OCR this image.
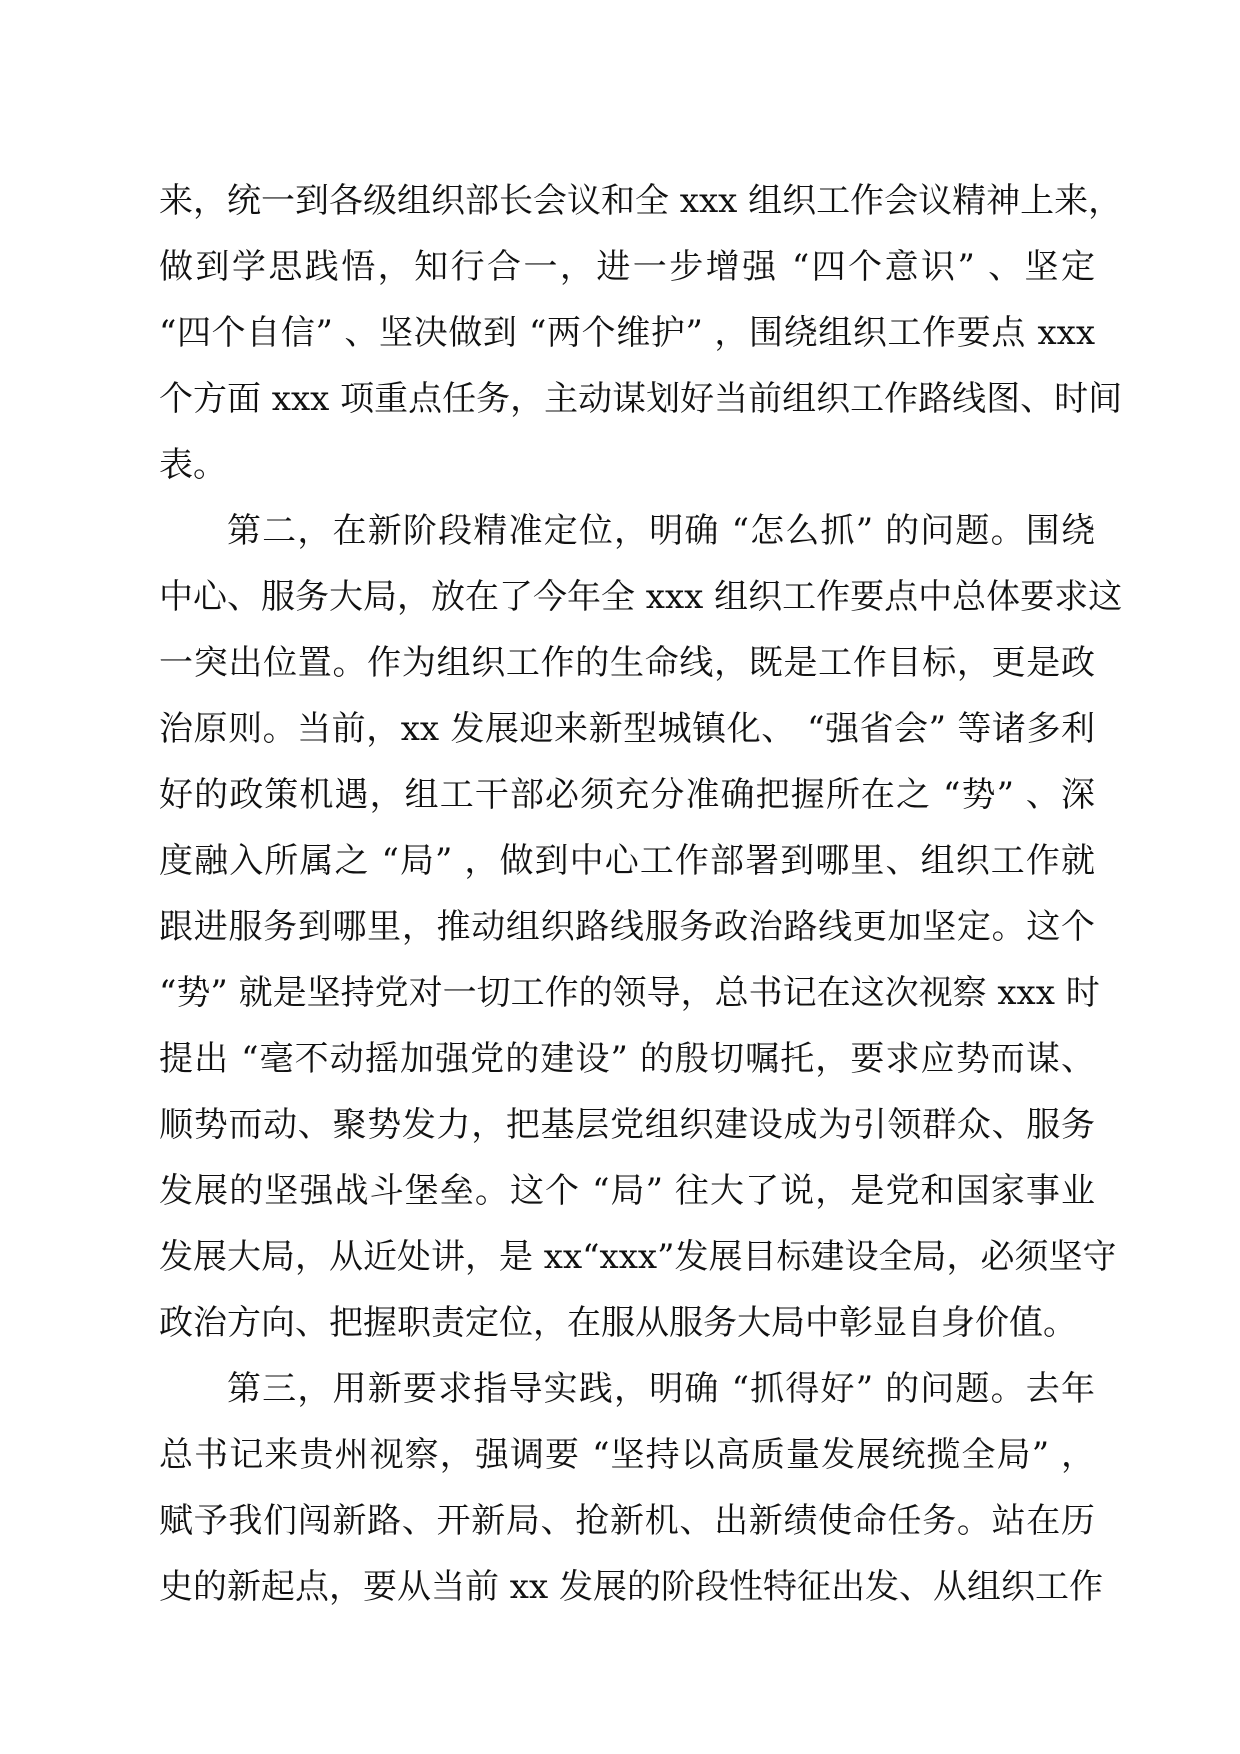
来，统一到各级组织部长会议和全 xxx 组织工作会议精神上来，
做到学思践悟，知行合一，进一步增强 “四个意识” 、坚定
“四个自信” 、坚决做到 “两个维护” ，围绕组织工作要点 xxx
个方面 xxx 项重点任务，主动谋划好当前组织工作路线图、时间
表。
第二，在新阶段精准定位，明确 “怎么抓” 的问题。围绕
中心、服务大局，放在了今年全 xxx 组织工作要点中总体要求这
一突出位置。作为组织工作的生命线，既是工作目标，更是政
治原则。当前，xx 发展迎来新型城镇化、 “强省会” 等诸多利
好的政策机遇，组工干部必须充分准确把握所在之 “势” 、深
度融入所属之 “局” ，做到中心工作部署到哪里、组织工作就
跟进服务到哪里，推动组织路线服务政治路线更加坚定。这个
“势” 就是坚持党对一切工作的领导，总书记在这次视察 xxx 时
提出 “毫不动摇加强党的建设” 的殷切嘱托，要求应势而谋、
顺势而动、聚势发力，把基层党组织建设成为引领群众、服务
发展的坚强战斗堡垒。这个 “局” 往大了说，是党和国家事业
发展大局，从近处讲，是 xx“xxx”发展目标建设全局，必须坚守
政治方向、把握职责定位，在服从服务大局中彰显自身价值。
第三，用新要求指导实践，明确 “抓得好” 的问题。去年
总书记来贵州视察，强调要 “坚持以高质量发展统揽全局” ，
赋予我们闯新路、开新局、抢新机、出新绩使命任务。站在历
史的新起点，要从当前 xx 发展的阶段性特征出发、从组织工作
